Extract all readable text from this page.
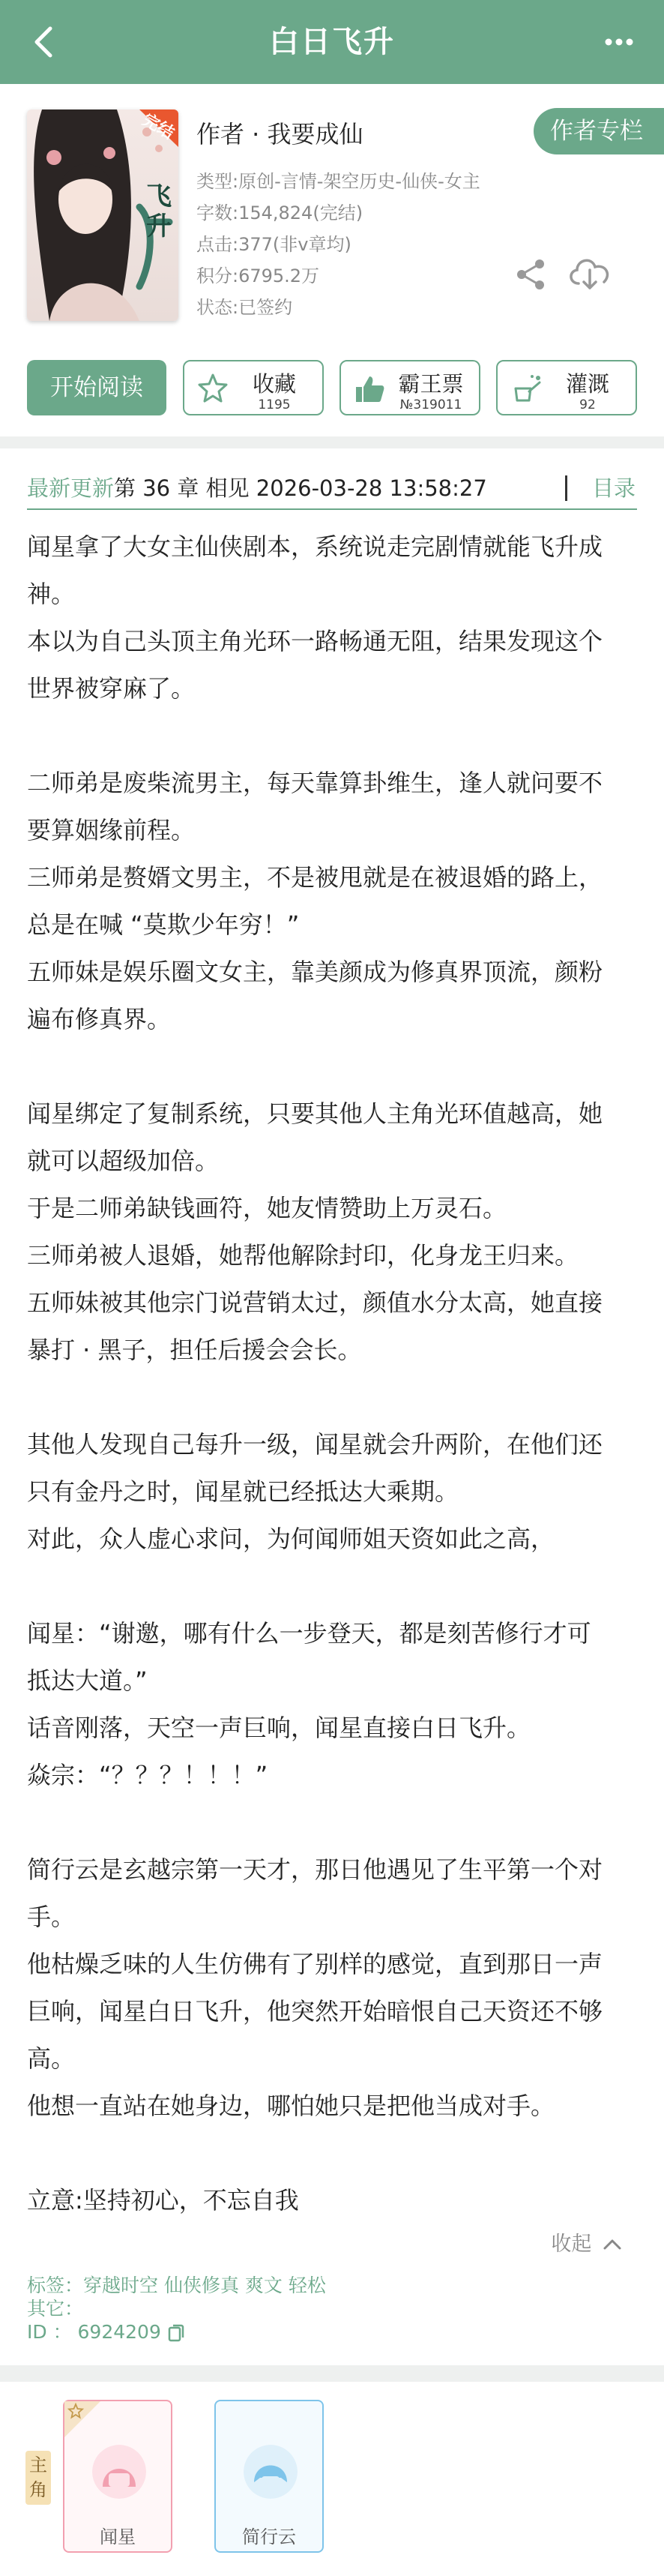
白日飞升
完结
飞升
作者 · 我要成仙	作者专栏
类型:原创-言情-架空历史-仙侠-女主
字数:154,824(完结)
点击:377(非v章均)
积分:6795.2万
状态:已签约
开始阅读	收藏
1195
霸王票
№319011
灌溉
92
最新更新第 36 章 相见 2026-03-28 13:58:27	目录

闻星拿了大女主仙侠剧本，系统说走完剧情就能飞升成

神。

本以为自己头顶主角光环一路畅通无阻，结果发现这个

世界被穿麻了。

二师弟是废柴流男主，每天靠算卦维生，逢人就问要不

要算姻缘前程。

三师弟是赘婿文男主，不是被甩就是在被退婚的路上，

总是在喊 “莫欺少年穷！”

五师妹是娱乐圈文女主，靠美颜成为修真界顶流，颜粉

遍布修真界。

闻星绑定了复制系统，只要其他人主角光环值越高，她

就可以超级加倍。

于是二师弟缺钱画符，她友情赞助上万灵石。

三师弟被人退婚，她帮他解除封印，化身龙王归来。

五师妹被其他宗门说营销太过，颜值水分太高，她直接

暴打 · 黑子，担任后援会会长。

其他人发现自己每升一级，闻星就会升两阶，在他们还

只有金丹之时，闻星就已经抵达大乘期。

对此，众人虚心求问，为何闻师姐天资如此之高，

闻星：“谢邀，哪有什么一步登天，都是刻苦修行才可

抵达大道。”

话音刚落，天空一声巨响，闻星直接白日飞升。

焱宗：“？？？！！！”

简行云是玄越宗第一天才，那日他遇见了生平第一个对

手。

他枯燥乏味的人生仿佛有了别样的感觉，直到那日一声

巨响，闻星白日飞升，他突然开始暗恨自己天资还不够

高。

他想一直站在她身边，哪怕她只是把他当成对手。

立意:坚持初心，不忘自我

收起
标签：穿越时空 仙侠修真 爽文 轻松
其它：
ID ： 6924209
主角
闻星	简行云
